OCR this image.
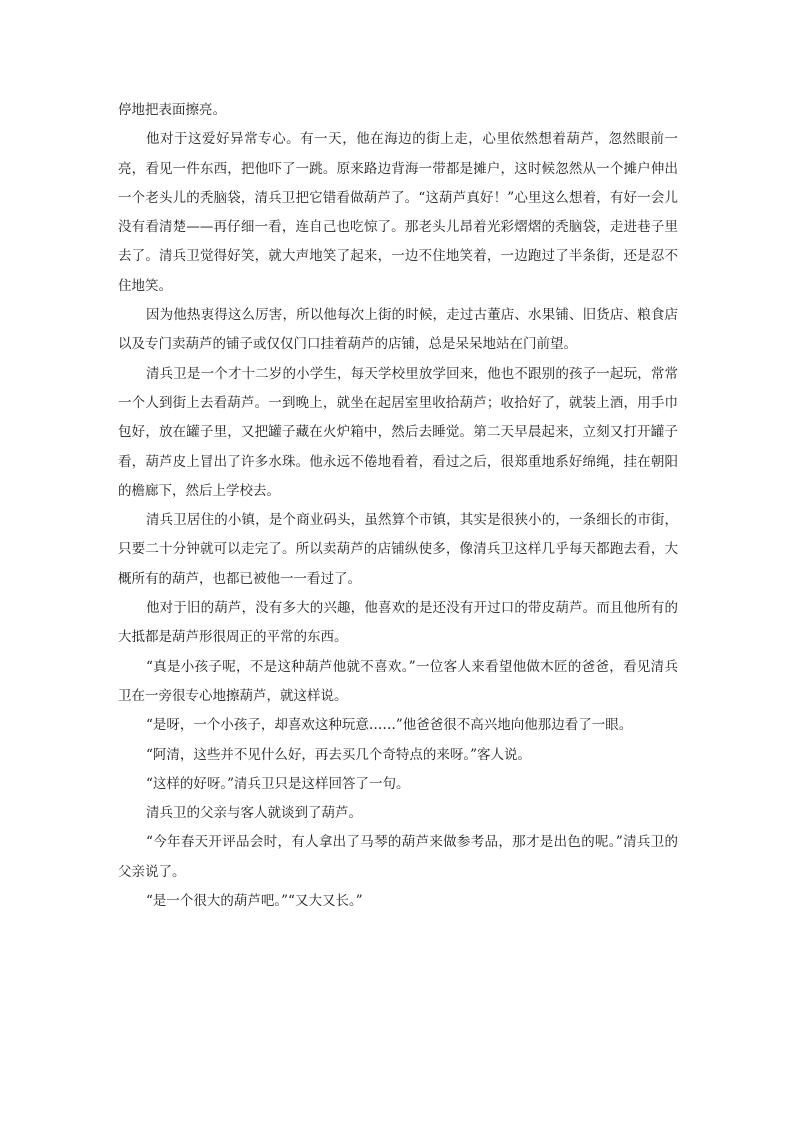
停地把表面擦亮。

他对于这爱好异常专心。有一天，他在海边的街上走，心里依然想着葫芦，忽然眼前一亮，看见一件东西，把他吓了一跳。原来路边背海一带都是摊户，这时候忽然从一个摊户伸出一个老头儿的秃脑袋，清兵卫把它错看做葫芦了。“这葫芦真好！”心里这么想着，有好一会儿没有看清楚——再仔细一看，连自己也吃惊了。那老头儿昂着光彩熠熠的秃脑袋，走进巷子里去了。清兵卫觉得好笑，就大声地笑了起来，一边不住地笑着，一边跑过了半条街，还是忍不住地笑。

因为他热衷得这么厉害，所以他每次上街的时候，走过古董店、水果铺、旧货店、粮食店以及专门卖葫芦的铺子或仅仅门口挂着葫芦的店铺，总是呆呆地站在门前望。

清兵卫是一个才十二岁的小学生，每天学校里放学回来，他也不跟别的孩子一起玩，常常一个人到街上去看葫芦。一到晚上，就坐在起居室里收拾葫芦；收拾好了，就装上酒，用手巾包好，放在罐子里，又把罐子藏在火炉箱中，然后去睡觉。第二天早晨起来，立刻又打开罐子看，葫芦皮上冒出了许多水珠。他永远不倦地看着，看过之后，很郑重地系好绵绳，挂在朝阳的檐廊下，然后上学校去。

清兵卫居住的小镇，是个商业码头，虽然算个市镇，其实是很狭小的，一条细长的市街，只要二十分钟就可以走完了。所以卖葫芦的店铺纵使多，像清兵卫这样几乎每天都跑去看，大概所有的葫芦，也都已被他一一看过了。

他对于旧的葫芦，没有多大的兴趣，他喜欢的是还没有开过口的带皮葫芦。而且他所有的大抵都是葫芦形很周正的平常的东西。

“真是小孩子呢，不是这种葫芦他就不喜欢。”一位客人来看望他做木匠的爸爸，看见清兵卫在一旁很专心地擦葫芦，就这样说。

“是呀，一个小孩子，却喜欢这种玩意……”他爸爸很不高兴地向他那边看了一眼。

“阿清，这些并不见什么好，再去买几个奇特点的来呀。”客人说。

“这样的好呀。”清兵卫只是这样回答了一句。

清兵卫的父亲与客人就谈到了葫芦。

“今年春天开评品会时，有人拿出了马琴的葫芦来做参考品，那才是出色的呢。”清兵卫的父亲说了。

“是一个很大的葫芦吧。”“又大又长。”
